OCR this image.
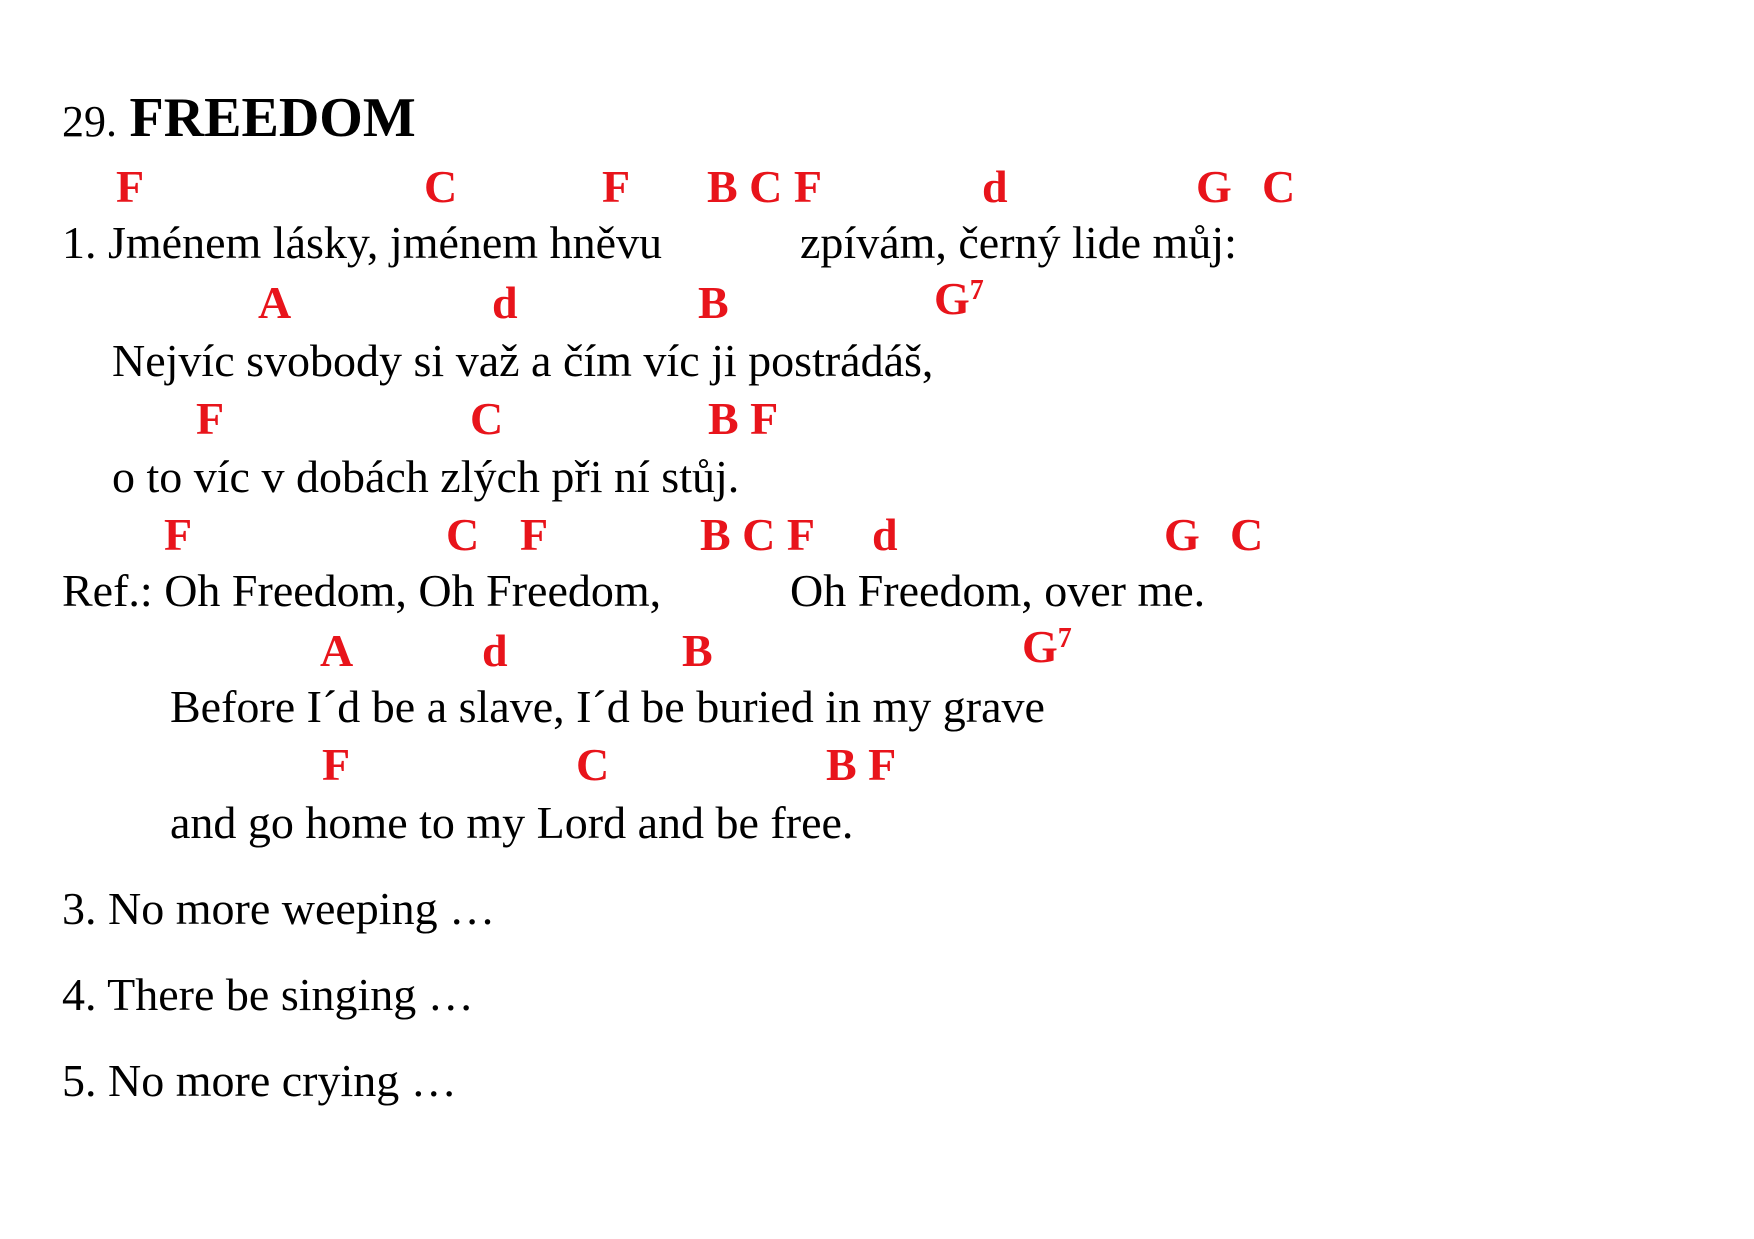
29. FREEDOM
F	C	F B C F	d	G C
1. Jménem lásky, jménem hněvu	zpívám, černý lide můj:
A	d	B	$G^7$
Nejvíc svobody si važ a čím víc ji postrádáš,
F	C	B F
o to víc v dobách zlých při ní stůj.
F	C F	B C F d	G C
Ref.: Oh Freedom, Oh Freedom,	Oh Freedom, over me.
A	d	B	$G^7$
Before I´d be a slave, I´d be buried in my grave
F	C	B F
and go home to my Lord and be free.
3. No more weeping …
4. There be singing …
5. No more crying …
